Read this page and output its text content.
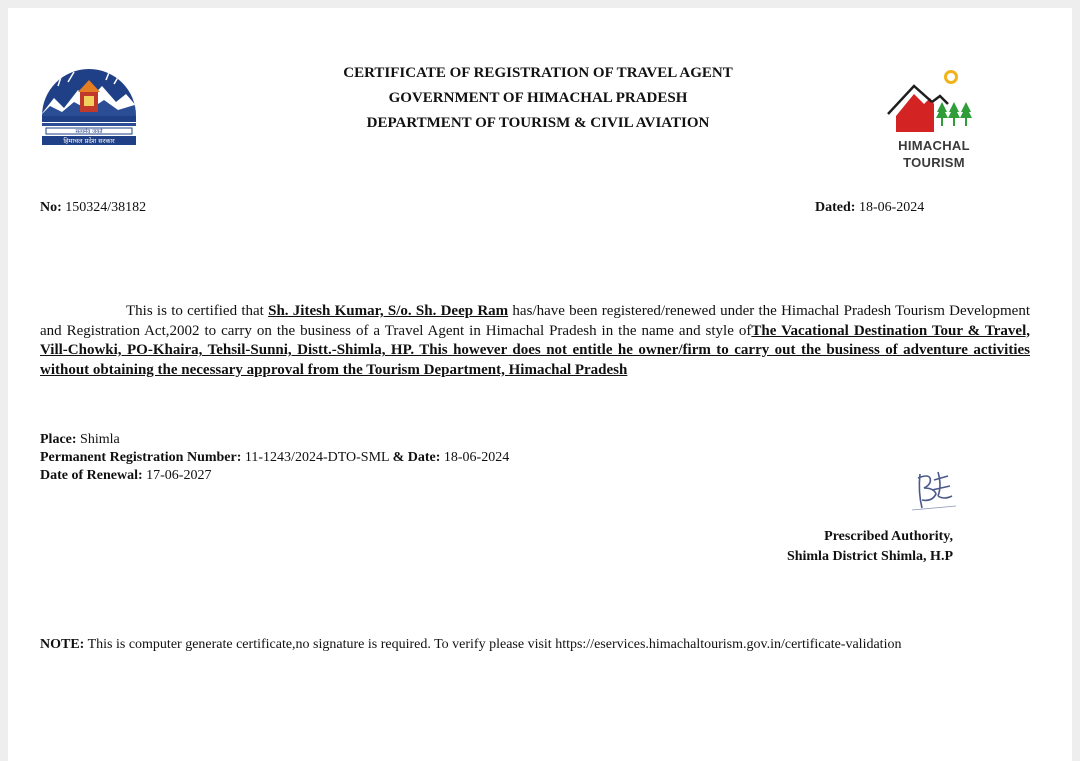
सत्यमेव जयते
हिमाचल प्रदेश सरकार
CERTIFICATE OF REGISTRATION OF TRAVEL AGENT
GOVERNMENT OF HIMACHAL PRADESH
DEPARTMENT OF TOURISM & CIVIL AVIATION
HIMACHAL
TOURISM
No: 150324/38182	Dated: 18-06-2024
This is to certified that Sh. Jitesh Kumar, S/o. Sh. Deep Ram has/have been registered/renewed under the Himachal Pradesh Tourism Development and Registration Act,2002 to carry on the business of a Travel Agent in Himachal Pradesh in the name and style ofThe Vacational Destination Tour & Travel, Vill-Chowki, PO-Khaira, Tehsil-Sunni, Distt.-Shimla, HP. This however does not entitle he owner/firm to carry out the business of adventure activities without obtaining the necessary approval from the Tourism Department, Himachal Pradesh
Place: Shimla
Permanent Registration Number: 11-1243/2024-DTO-SML & Date: 18-06-2024
Date of Renewal: 17-06-2027
Prescribed Authority,
Shimla District Shimla, H.P
NOTE: This is computer generate certificate,no signature is required. To verify please visit https://eservices.himachaltourism.gov.in/certificate-validation
